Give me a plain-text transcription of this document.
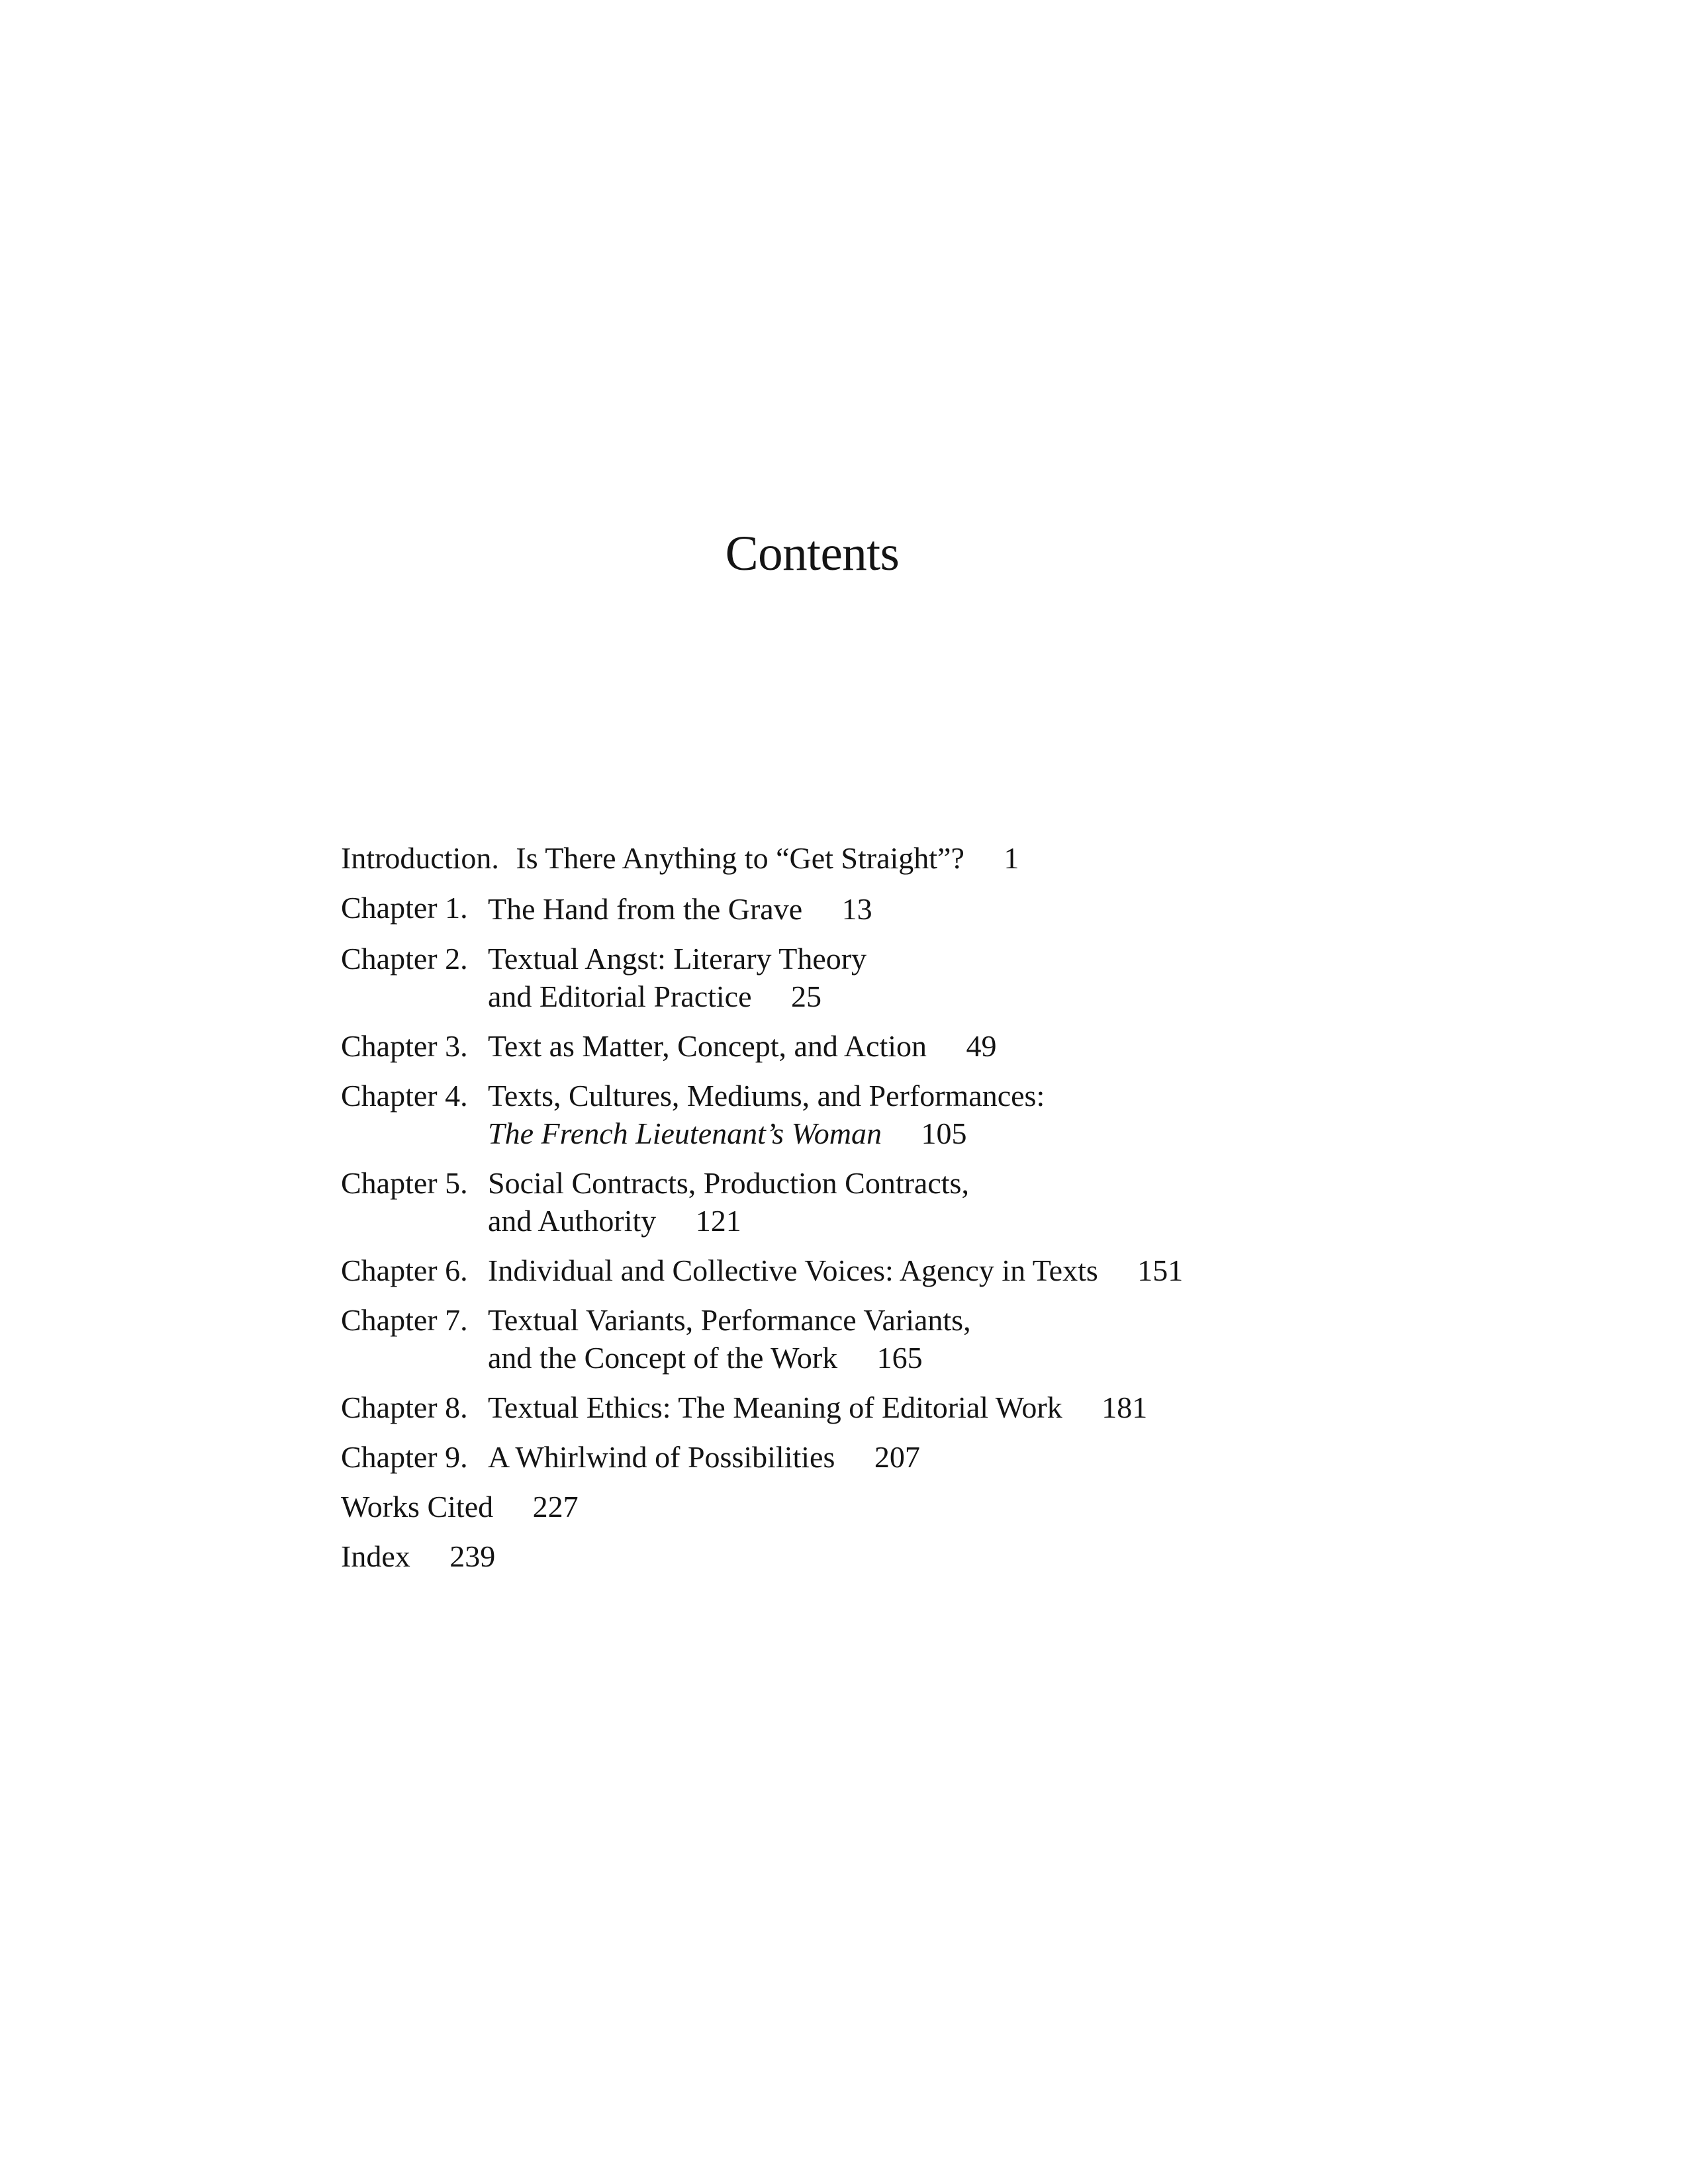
Contents
Introduction. Is There Anything to “Get Straight”? 1
Chapter 1. The Hand from the Grave 13
Chapter 2. Textual Angst: Literary Theory
and Editorial Practice 25
Chapter 3. Text as Matter, Concept, and Action 49
Chapter 4. Texts, Cultures, Mediums, and Performances:
The French Lieutenant’s Woman 105
Chapter 5. Social Contracts, Production Contracts,
and Authority 121
Chapter 6. Individual and Collective Voices: Agency in Texts 151
Chapter 7. Textual Variants, Performance Variants,
and the Concept of the Work 165
Chapter 8. Textual Ethics: The Meaning of Editorial Work 181
Chapter 9. A Whirlwind of Possibilities 207
Works Cited 227
Index 239
